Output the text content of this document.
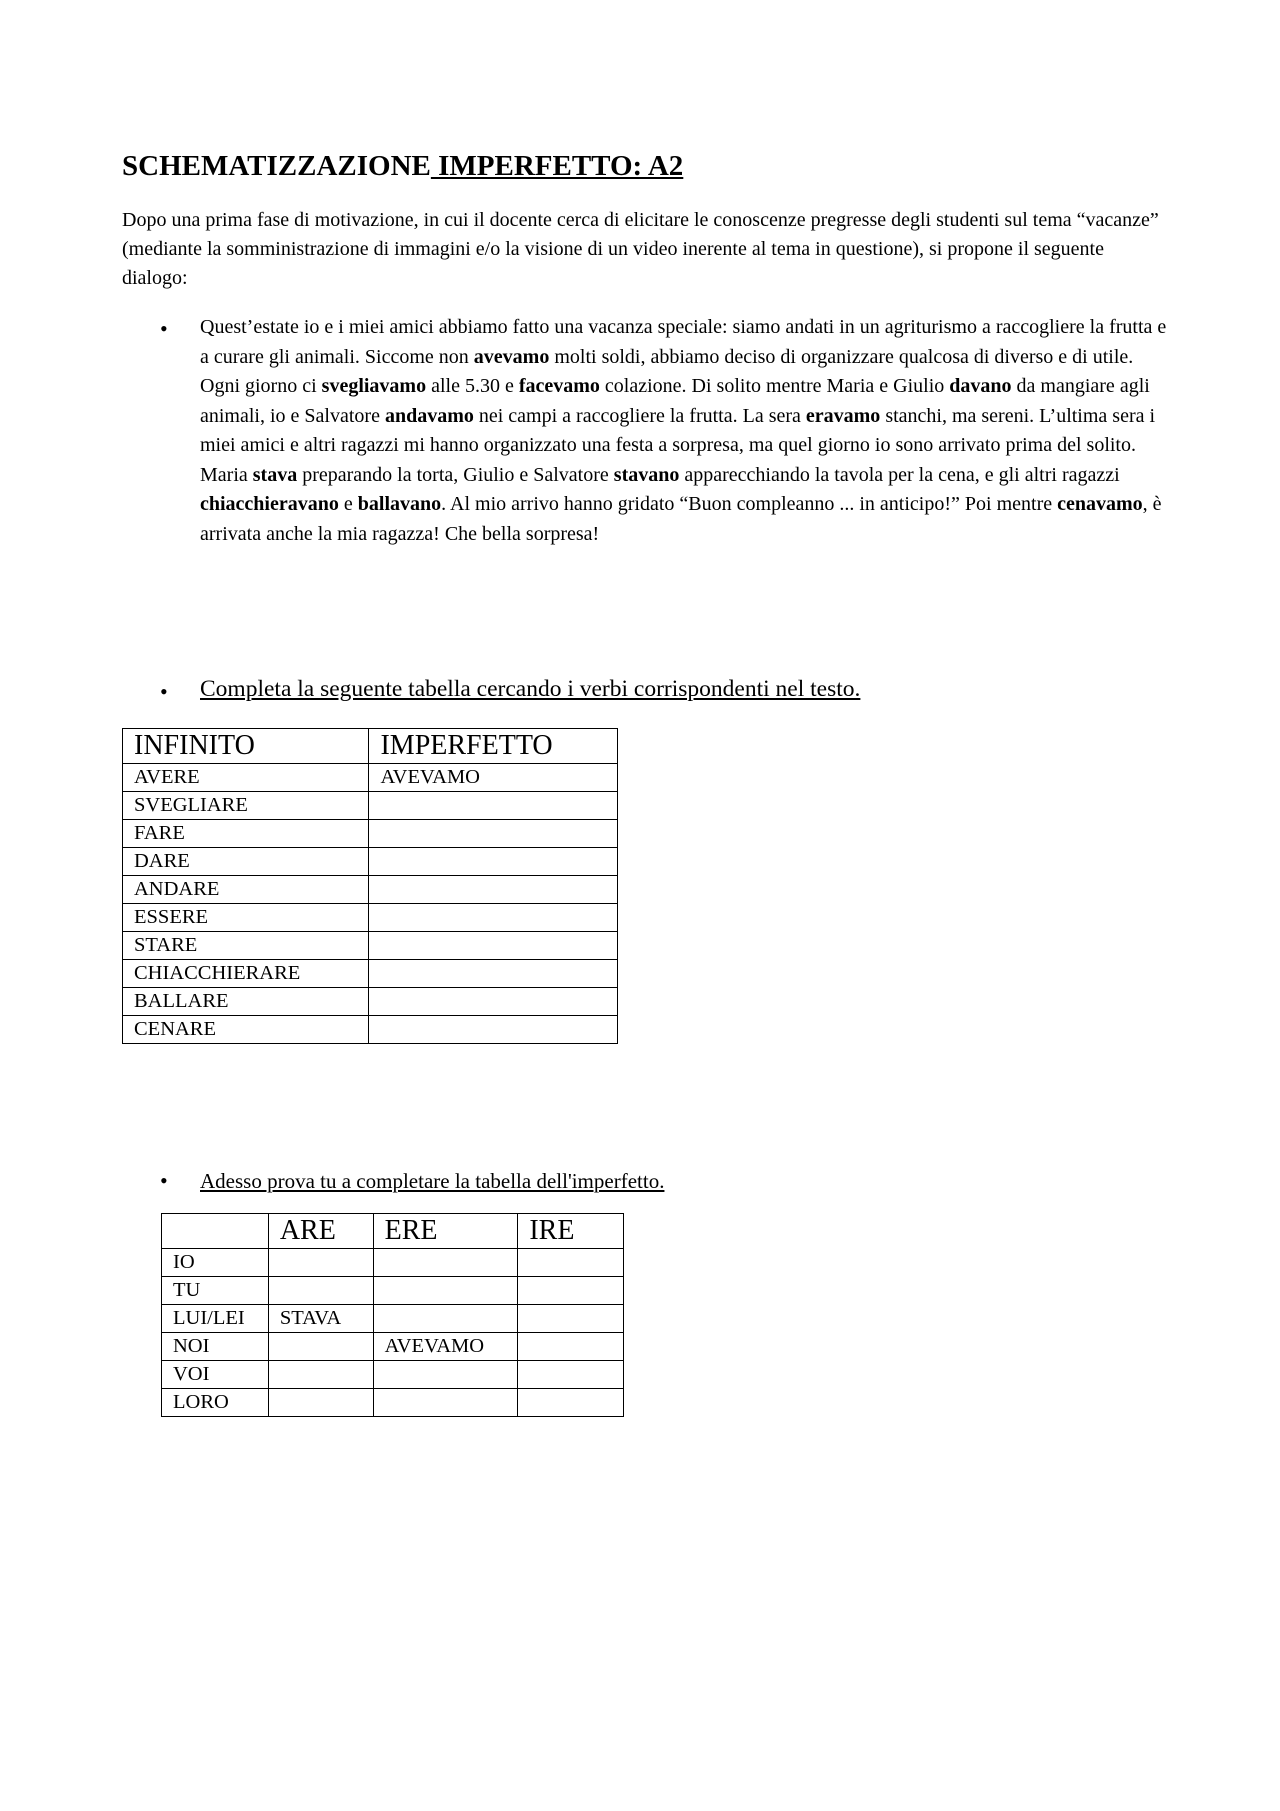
SCHEMATIZZAZIONE IMPERFETTO: A2

Dopo una prima fase di motivazione, in cui il docente cerca di elicitare le conoscenze pregresse degli studenti sul tema “vacanze” (mediante la somministrazione di immagini e/o la visione di un video inerente al tema in questione), si propone il seguente dialogo:

• Quest’estate io e i miei amici abbiamo fatto una vacanza speciale: siamo andati in un agriturismo a raccogliere la frutta e a curare gli animali. Siccome non avevamo molti soldi, abbiamo deciso di organizzare qualcosa di diverso e di utile. Ogni giorno ci svegliavamo alle 5.30 e facevamo colazione. Di solito mentre Maria e Giulio davano da mangiare agli animali, io e Salvatore andavamo nei campi a raccogliere la frutta. La sera eravamo stanchi, ma sereni. L’ultima sera i miei amici e altri ragazzi mi hanno organizzato una festa a sorpresa, ma quel giorno io sono arrivato prima del solito. Maria stava preparando la torta, Giulio e Salvatore stavano apparecchiando la tavola per la cena, e gli altri ragazzi chiacchieravano e ballavano. Al mio arrivo hanno gridato “Buon compleanno ... in anticipo!” Poi mentre cenavamo, è arrivata anche la mia ragazza! Che bella sorpresa!

• Completa la seguente tabella cercando i verbi corrispondenti nel testo.

INFINITO	IMPERFETTO
AVERE	AVEVAMO
SVEGLIARE	
FARE	
DARE	
ANDARE	
ESSERE	
STARE	
CHIACCHIERARE	
BALLARE	
CENARE	
• Adesso prova tu a completare la tabella dell'imperfetto.

	ARE	ERE	IRE
IO			
TU			
LUI/LEI	STAVA		
NOI		AVEVAMO	
VOI			
LORO			
